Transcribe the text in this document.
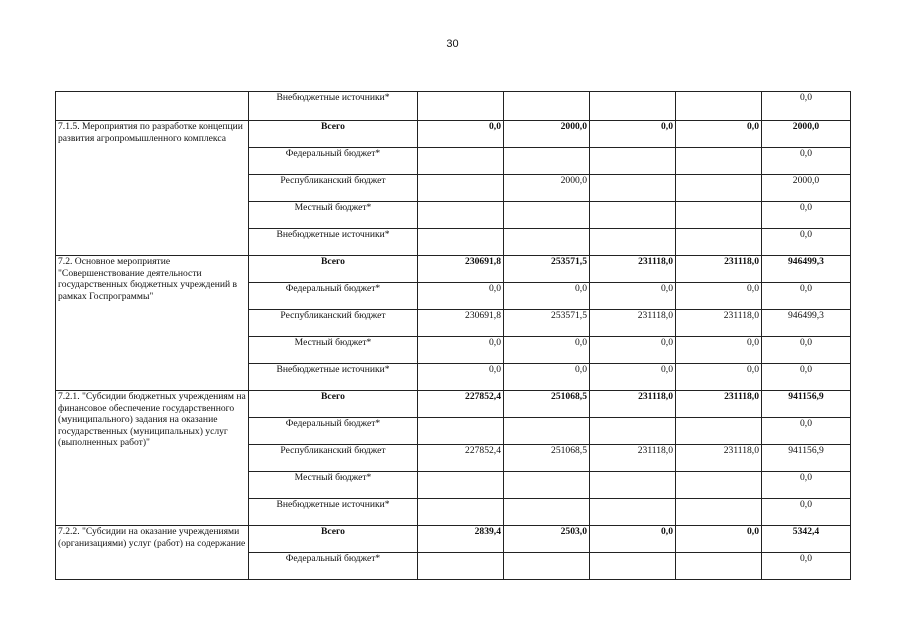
30
	Внебюджетные источники*					0,0
7.1.5. Мероприятия по разработке концепции развития агропромышленного комплекса	Всего	0,0	2000,0	0,0	0,0	2000,0
	Федеральный бюджет*					0,0
	Республиканский бюджет		2000,0			2000,0
	Местный бюджет*					0,0
	Внебюджетные источники*					0,0
7.2. Основное мероприятие "Совершенствование деятельности государственных бюджетных учреждений в рамках Госпрограммы"	Всего	230691,8	253571,5	231118,0	231118,0	946499,3
	Федеральный бюджет*	0,0	0,0	0,0	0,0	0,0
	Республиканский бюджет	230691,8	253571,5	231118,0	231118,0	946499,3
	Местный бюджет*	0,0	0,0	0,0	0,0	0,0
	Внебюджетные источники*	0,0	0,0	0,0	0,0	0,0
7.2.1. "Субсидии бюджетных учреждениям на финансовое обеспечение государственного (муниципального) задания на оказание государственных (муниципальных) услуг (выполненных работ)"	Всего	227852,4	251068,5	231118,0	231118,0	941156,9
	Федеральный бюджет*					0,0
	Республиканский бюджет	227852,4	251068,5	231118,0	231118,0	941156,9
	Местный бюджет*					0,0
	Внебюджетные источники*					0,0
7.2.2. "Субсидии на оказание учреждениями (организациями) услуг (работ) на содержание	Всего	2839,4	2503,0	0,0	0,0	5342,4
	Федеральный бюджет*					0,0
